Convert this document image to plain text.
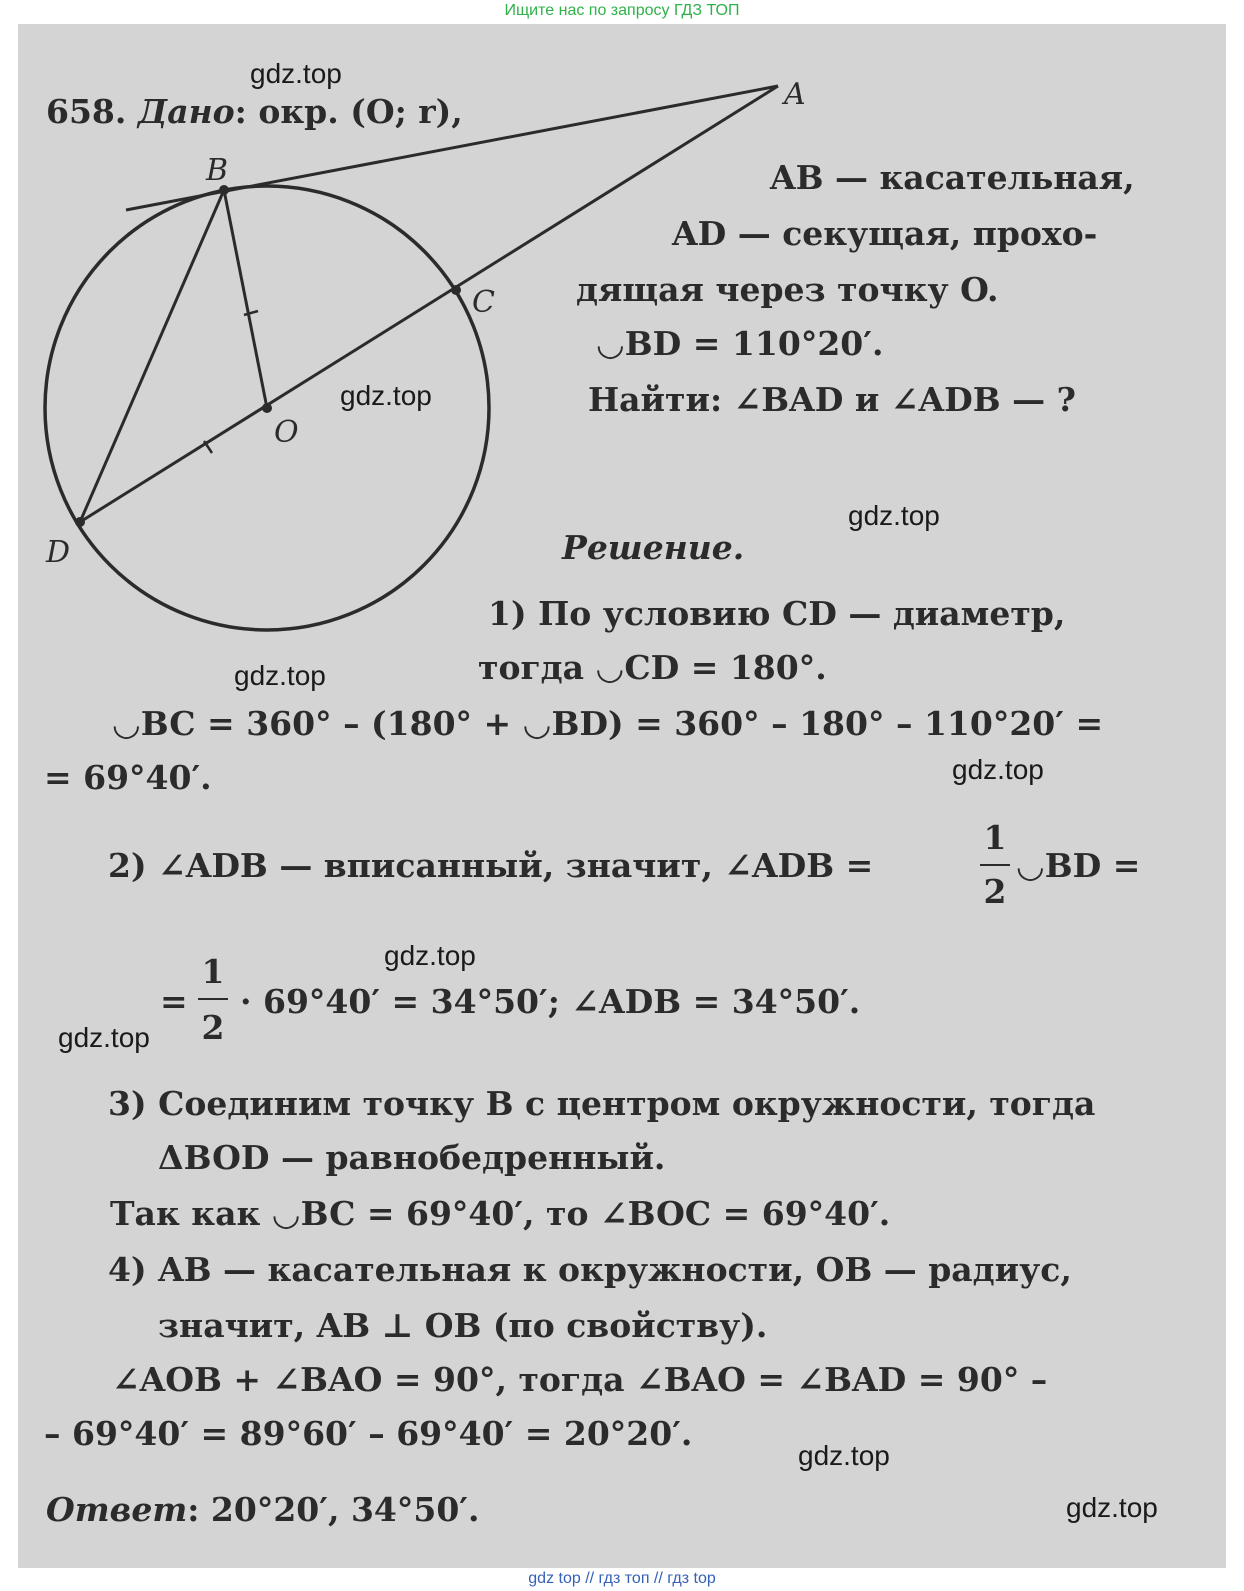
Ищите нас по запросу ГДЗ ТОП
A
B
C
O
D
658. Дано: окр. (O; r),
AB — касательная,
AD — секущая, прохо-
дящая через точку O.
◡BD = 110°20′.
Найти: ∠BAD и ∠ADB — ?
Решение.
1) По условию CD — диаметр,
тогда ◡CD = 180°.
◡BC = 360° – (180° + ◡BD) = 360° – 180° – 110°20′ =
= 69°40′.
2) ∠ADB — вписанный, значит, ∠ADB =
1
2
◡BD =
=
1
2
· 69°40′ = 34°50′; ∠ADB = 34°50′.
3) Соединим точку B с центром окружности, тогда
ΔBOD — равнобедренный.
Так как ◡BC = 69°40′, то ∠BOC = 69°40′.
4) AB — касательная к окружности, OB — радиус,
значит, AB ⊥ OB (по свойству).
∠AOB + ∠BAO = 90°, тогда ∠BAO = ∠BAD = 90° –
– 69°40′ = 89°60′ – 69°40′ = 20°20′.
Ответ: 20°20′, 34°50′.
gdz.top
gdz.top
gdz.top
gdz.top
gdz.top
gdz.top
gdz.top
gdz.top
gdz.top
gdz top // гдз топ // гдз top
